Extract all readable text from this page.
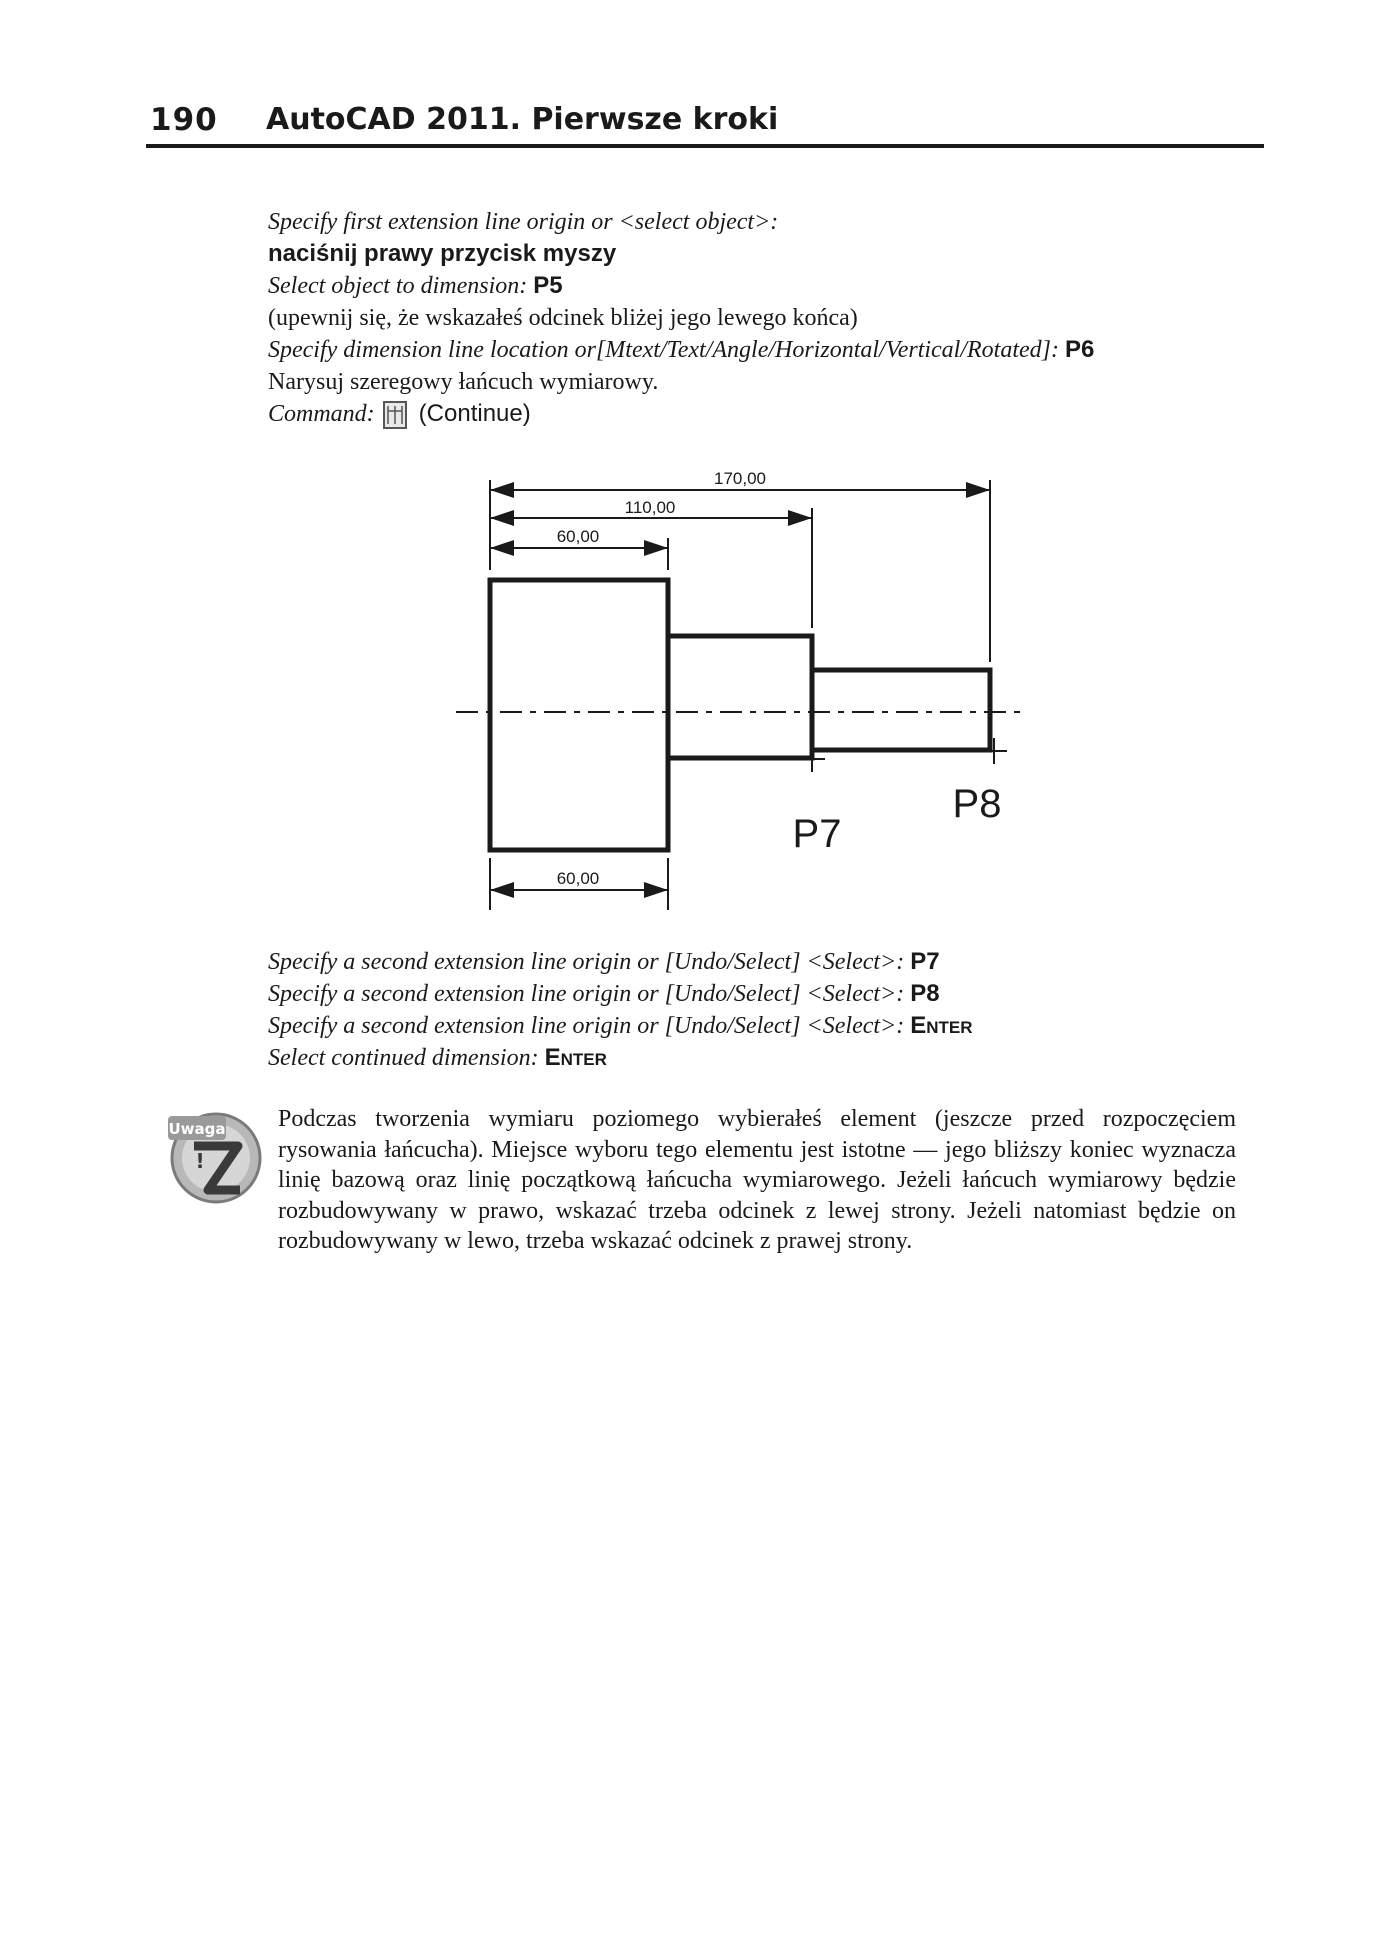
190 AutoCAD 2011. Pierwsze kroki
Specify first extension line origin or <select object>:
naciśnij prawy przycisk myszy
Select object to dimension: P5
(upewnij się, że wskazałeś odcinek bliżej jego lewego końca)
Specify dimension line location or[Mtext/Text/Angle/Horizontal/Vertical/Rotated]: P6
Narysuj szeregowy łańcuch wymiarowy.
Command: (Continue)
170,00
110,00
60,00
60,00
P7
P8
Specify a second extension line origin or [Undo/Select] <Select>: P7
Specify a second extension line origin or [Undo/Select] <Select>: P8
Specify a second extension line origin or [Undo/Select] <Select>: Enter
Select continued dimension: Enter
Uwaga
!
Podczas tworzenia wymiaru poziomego wybierałeś element (jeszcze przed rozpoczęciem rysowania łańcucha). Miejsce wyboru tego elementu jest istotne — jego bliższy koniec wyznacza linię bazową oraz linię początkową łańcucha wymiarowego. Jeżeli łańcuch wymiarowy będzie rozbudowywany w prawo, wskazać trzeba odcinek z lewej strony. Jeżeli natomiast będzie on rozbudowywany w lewo, trzeba wskazać odcinek z prawej strony.
